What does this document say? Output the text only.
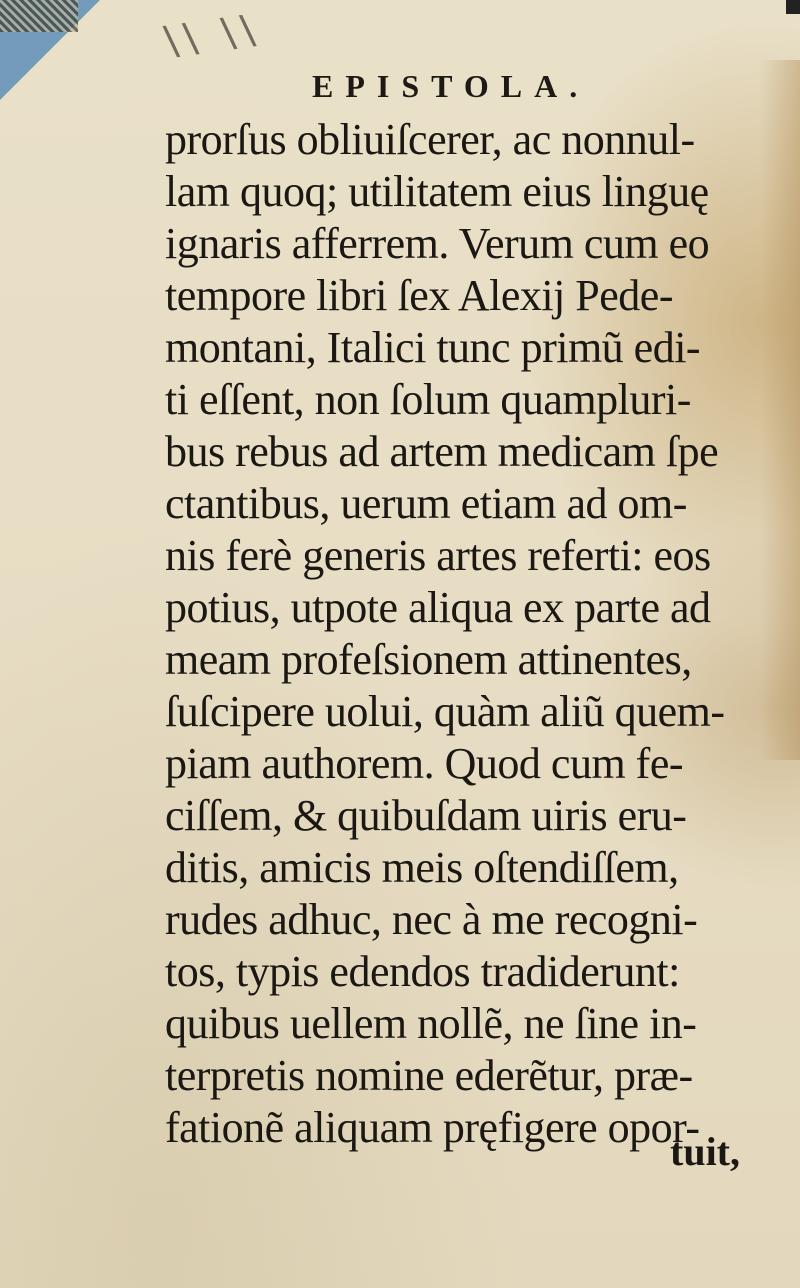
\\ \\
EPISTOLA.
prorſus obliuiſcerer, ac nonnul-
lam quoq; utilitatem eius linguę
ignaris afferrem. Verum cum eo
tempore libri ſex Alexij Pede-
montani, Italici tunc primũ edi-
ti eſſent, non ſolum quampluri-
bus rebus ad artem medicam ſpe
ctantibus, uerum etiam ad om-
nis ferè generis artes referti: eos
potius, utpote aliqua ex parte ad
meam profeſsionem attinentes,
ſuſcipere uolui, quàm aliũ quem-
piam authorem. Quod cum fe-
ciſſem, & quibuſdam uiris eru-
ditis, amicis meis oſtendiſſem,
rudes adhuc, nec à me recogni-
tos, typis edendos tradiderunt:
quibus uellem nollẽ, ne ſine in-
terpretis nomine ederẽtur, præ-
fationẽ aliquam pręfigere opor-
tuit,
